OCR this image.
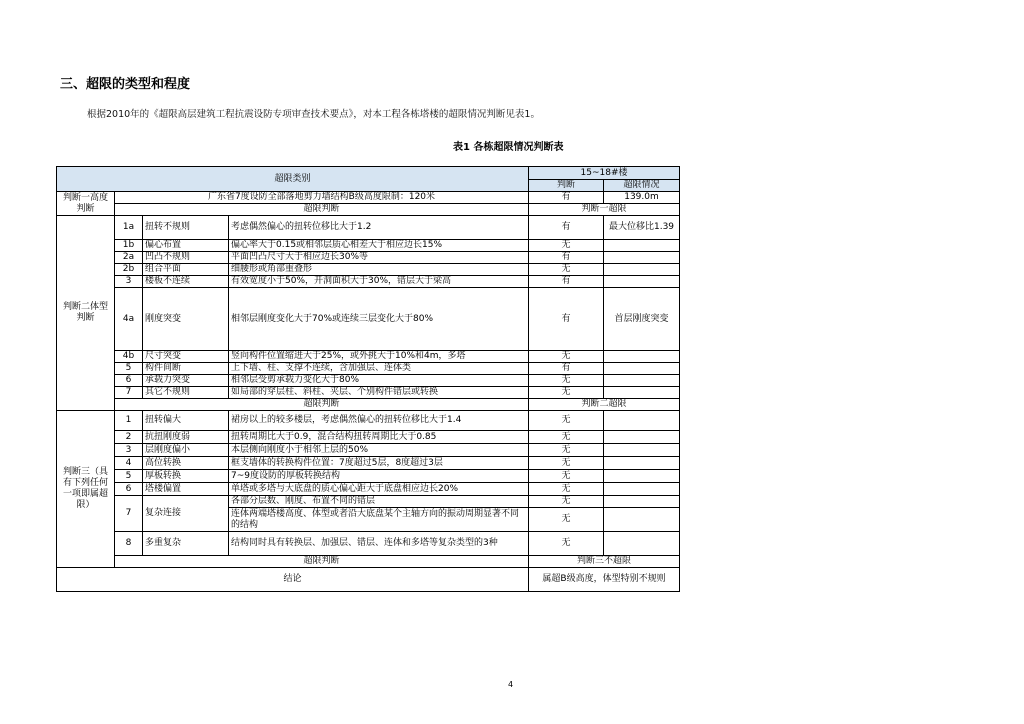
三、超限的类型和程度
根据2010年的《超限高层建筑工程抗震设防专项审查技术要点》，对本工程各栋塔楼的超限情况判断见表1。
表1 各栋超限情况判断表
超限类别				15~18#楼	
				判断	超限情况
判断一高度判断	广东省7度设防全部落地剪力墙结构B级高度限制：120米			有	139.0m
	超限判断			判断一超限	
判断二体型判断	1a	扭转不规则	考虑偶然偏心的扭转位移比大于1.2	有	最大位移比1.39
	1b	偏心布置	偏心率大于0.15或相邻层质心相差大于相应边长15%	无	
	2a	凹凸不规则	平面凹凸尺寸大于相应边长30%等	有	
	2b	组合平面	细腰形或角部重叠形	无	
	3	楼板不连续	有效宽度小于50%，开洞面积大于30%，错层大于梁高	有	
	4a	刚度突变	相邻层刚度变化大于70%或连续三层变化大于80%	有	首层刚度突变
	4b	尺寸突变	竖向构件位置缩进大于25%，或外挑大于10%和4m，多塔	无	
	5	构件间断	上下墙、柱、支撑不连续，含加强层、连体类	有	
	6	承载力突变	相邻层受剪承载力变化大于80%	无	
	7	其它不规则	如局部的穿层柱、斜柱、夹层、个别构件错层或转换	无	
	超限判断			判断二超限	
判断三（具有下列任何一项即属超限）	1	扭转偏大	裙房以上的较多楼层，考虑偶然偏心的扭转位移比大于1.4	无	
	2	抗扭刚度弱	扭转周期比大于0.9，混合结构扭转周期比大于0.85	无	
	3	层刚度偏小	本层侧向刚度小于相邻上层的50%	无	
	4	高位转换	框支墙体的转换构件位置：7度超过5层，8度超过3层	无	
	5	厚板转换	7~9度设防的厚板转换结构	无	
	6	塔楼偏置	单塔或多塔与大底盘的质心偏心距大于底盘相应边长20%	无	
	7	复杂连接	各部分层数、刚度、布置不同的错层	无	
			连体两端塔楼高度、体型或者沿大底盘某个主轴方向的振动周期显著不同的结构	无	
	8	多重复杂	结构同时具有转换层、加强层、错层、连体和多塔等复杂类型的3种	无	
	超限判断			判断三不超限	
结论				属超B级高度，体型特别不规则	
4
